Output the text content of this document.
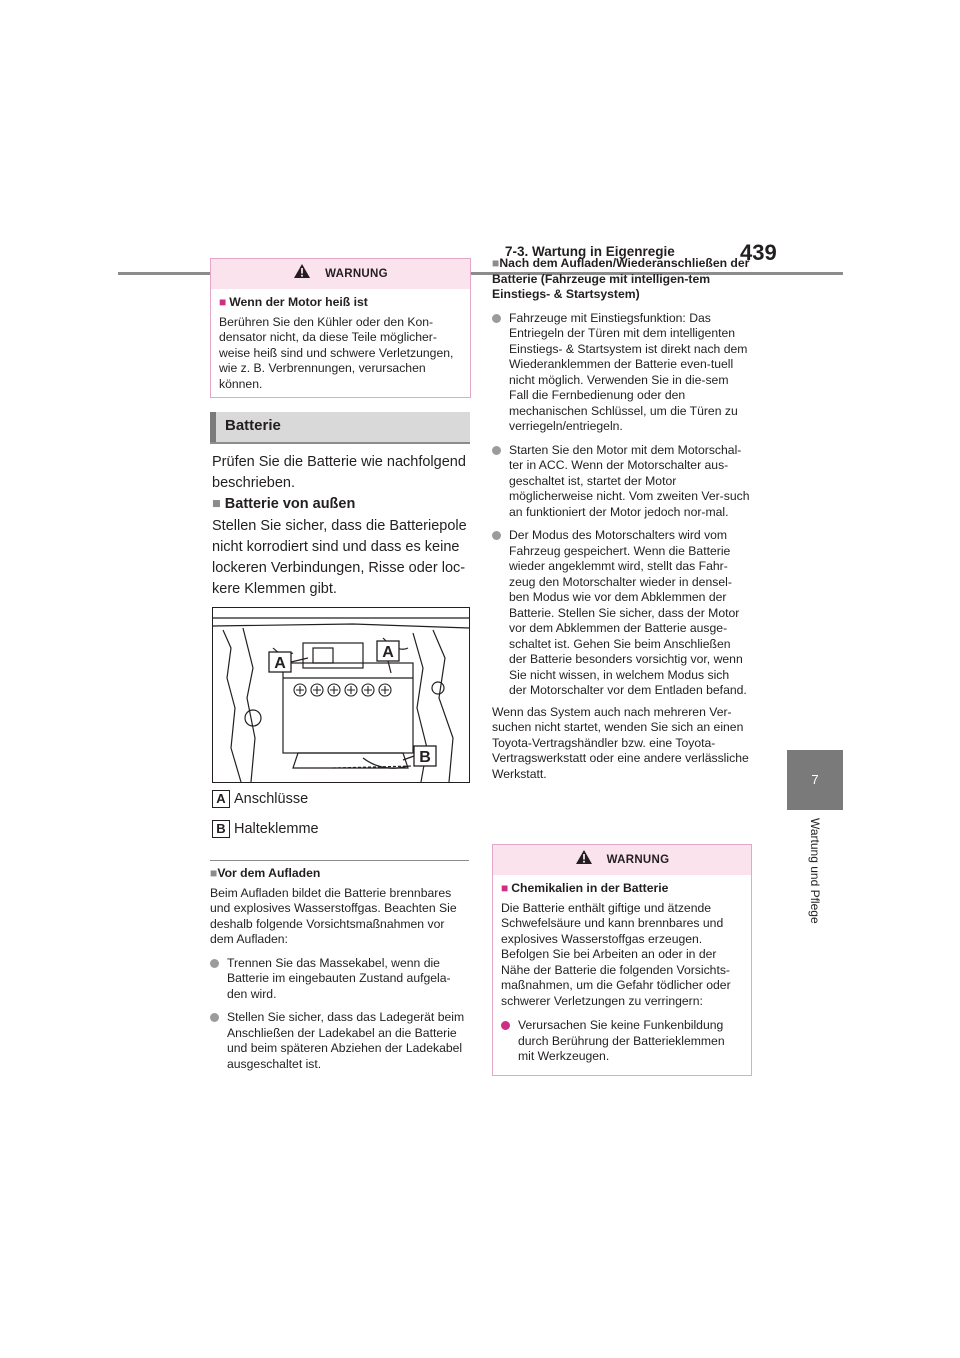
7-3. Wartung in Eigenregie	439
7
Wartung und Pflege
WARNUNG
■ Wenn der Motor heiß ist
Berühren Sie den Kühler oder den Kon-densator nicht, da diese Teile möglicher-weise heiß sind und schwere Verletzungen, wie z. B. Verbrennungen, verursachen können.
Batterie
Prüfen Sie die Batterie wie nachfolgend beschrieben.
■ Batterie von außen
Stellen Sie sicher, dass die Batteriepole nicht korrodiert sind und dass es keine lockeren Verbindungen, Risse oder loc-kere Klemmen gibt.
A
A
B
A Anschlüsse
B Halteklemme
■Vor dem Aufladen
Beim Aufladen bildet die Batterie brennbares und explosives Wasserstoffgas. Beachten Sie deshalb folgende Vorsichtsmaßnahmen vor dem Aufladen:
Trennen Sie das Massekabel, wenn die Batterie im eingebauten Zustand aufgela-den wird.
Stellen Sie sicher, dass das Ladegerät beim Anschließen der Ladekabel an die Batterie und beim späteren Abziehen der Ladekabel ausgeschaltet ist.
■Nach dem Aufladen/Wiederanschließen der Batterie (Fahrzeuge mit intelligen-tem Einstiegs- & Startsystem)
Fahrzeuge mit Einstiegsfunktion: Das Entriegeln der Türen mit dem intelligenten Einstiegs- & Startsystem ist direkt nach dem Wiederanklemmen der Batterie even-tuell nicht möglich. Verwenden Sie in die-sem Fall die Fernbedienung oder den mechanischen Schlüssel, um die Türen zu verriegeln/entriegeln.
Starten Sie den Motor mit dem Motorschal-ter in ACC. Wenn der Motorschalter aus-geschaltet ist, startet der Motor möglicherweise nicht. Vom zweiten Ver-such an funktioniert der Motor jedoch nor-mal.
Der Modus des Motorschalters wird vom Fahrzeug gespeichert. Wenn die Batterie wieder angeklemmt wird, stellt das Fahr-zeug den Motorschalter wieder in densel-ben Modus wie vor dem Abklemmen der Batterie. Stellen Sie sicher, dass der Motor vor dem Abklemmen der Batterie ausge-schaltet ist. Gehen Sie beim Anschließen der Batterie besonders vorsichtig vor, wenn Sie nicht wissen, in welchem Modus sich der Motorschalter vor dem Entladen befand.
Wenn das System auch nach mehreren Ver-suchen nicht startet, wenden Sie sich an einen Toyota-Vertragshändler bzw. eine Toyota-Vertragswerkstatt oder eine andere verlässliche Werkstatt.
WARNUNG
■ Chemikalien in der Batterie
Die Batterie enthält giftige und ätzende Schwefelsäure und kann brennbares und explosives Wasserstoffgas erzeugen. Befolgen Sie bei Arbeiten an oder in der Nähe der Batterie die folgenden Vorsichts-maßnahmen, um die Gefahr tödlicher oder schwerer Verletzungen zu verringern:
Verursachen Sie keine Funkenbildung durch Berührung der Batterieklemmen mit Werkzeugen.
